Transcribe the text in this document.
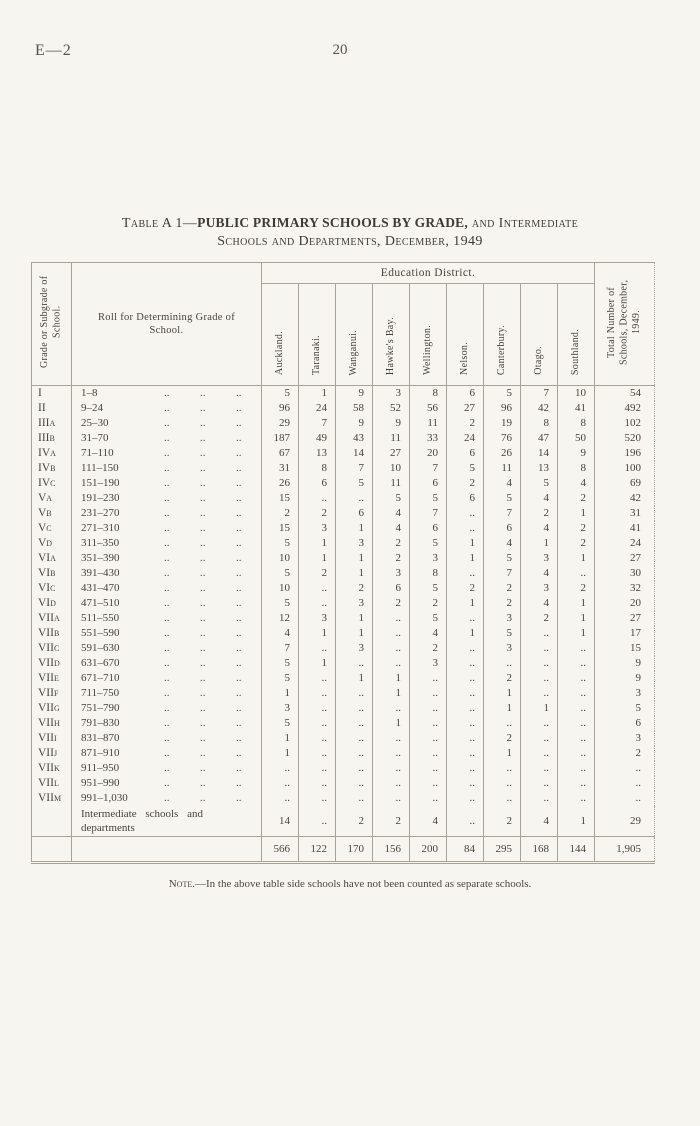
E—2	20
Table A 1—PUBLIC PRIMARY SCHOOLS BY GRADE, and Intermediate
Schools and Departments, December, 1949
Grade or Subgrade of School.	Roll for Determining Grade of School.	Education District.									Total Number of Schools, December, 1949.
		Auckland.	Taranaki.	Wanganui.	Hawke's Bay.	Wellington.	Nelson.	Canterbury.	Otago.	Southland.	
I	1–8 .. .. ..	5	1	9	3	8	6	5	7	10	54
II	9–24 .. .. ..	96	24	58	52	56	27	96	42	41	492
IIIa	25–30 .. .. ..	29	7	9	9	11	2	19	8	8	102
IIIb	31–70 .. .. ..	187	49	43	11	33	24	76	47	50	520
IVa	71–110 .. .. ..	67	13	14	27	20	6	26	14	9	196
IVb	111–150 .. .. ..	31	8	7	10	7	5	11	13	8	100
IVc	151–190 .. .. ..	26	6	5	11	6	2	4	5	4	69
Va	191–230 .. .. ..	15	..	..	5	5	6	5	4	2	42
Vb	231–270 .. .. ..	2	2	6	4	7	..	7	2	1	31
Vc	271–310 .. .. ..	15	3	1	4	6	..	6	4	2	41
Vd	311–350 .. .. ..	5	1	3	2	5	1	4	1	2	24
VIa	351–390 .. .. ..	10	1	1	2	3	1	5	3	1	27
VIb	391–430 .. .. ..	5	2	1	3	8	..	7	4	..	30
VIc	431–470 .. .. ..	10	..	2	6	5	2	2	3	2	32
VId	471–510 .. .. ..	5	..	3	2	2	1	2	4	1	20
VIIa	511–550 .. .. ..	12	3	1	..	5	..	3	2	1	27
VIIb	551–590 .. .. ..	4	1	1	..	4	1	5	..	1	17
VIIc	591–630 .. .. ..	7	..	3	..	2	..	3	..	..	15
VIId	631–670 .. .. ..	5	1	..	..	3	..	..	..	..	9
VIIe	671–710 .. .. ..	5	..	1	1	..	..	2	..	..	9
VIIf	711–750 .. .. ..	1	..	..	1	..	..	1	..	..	3
VIIg	751–790 .. .. ..	3	..	..	..	..	..	1	1	..	5
VIIh	791–830 .. .. ..	5	..	..	1	..	..	..	..	..	6
VIIi	831–870 .. .. ..	1	..	..	..	..	..	2	..	..	3
VIIj	871–910 .. .. ..	1	..	..	..	..	..	1	..	..	2
VIIk	911–950 .. .. ..	..	..	..	..	..	..	..	..	..	..
VIIl	951–990 .. .. ..	..	..	..	..	..	..	..	..	..	..
VIIm	991–1,030 .. .. ..	..	..	..	..	..	..	..	..	..	..
	Intermediate schools and departments	14	..	2	2	4	..	2	4	1	29
		566	122	170	156	200	84	295	168	144	1,905
Note.—In the above table side schools have not been counted as separate schools.
